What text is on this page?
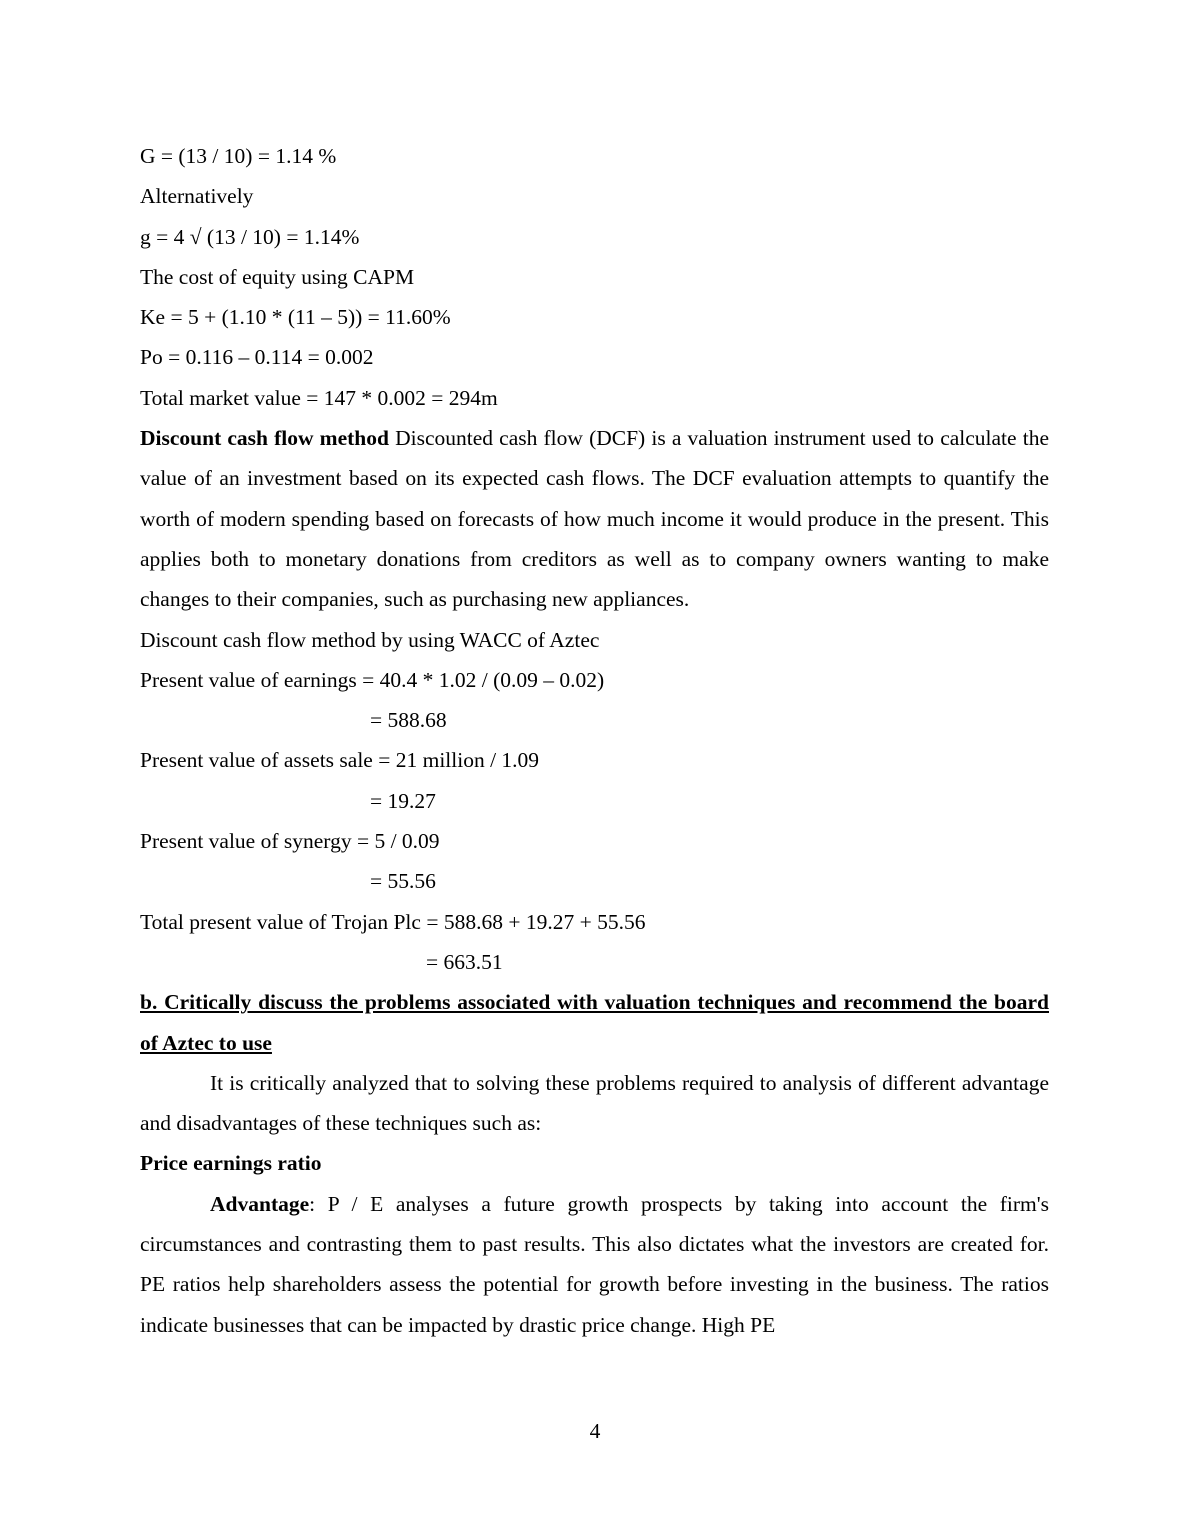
G = (13 / 10) = 1.14 %
Alternatively
g = 4 √ (13 / 10) = 1.14%
The cost of equity using CAPM
Ke = 5 + (1.10 * (11 – 5)) = 11.60%
Po = 0.116 – 0.114 = 0.002
Total market value = 147 * 0.002 = 294m

Discount cash flow method Discounted cash flow (DCF) is a valuation instrument used to calculate the value of an investment based on its expected cash flows. The DCF evaluation attempts to quantify the worth of modern spending based on forecasts of how much income it would produce in the present. This applies both to monetary donations from creditors as well as to company owners wanting to make changes to their companies, such as purchasing new appliances.

Discount cash flow method by using WACC of Aztec
Present value of earnings = 40.4 * 1.02 / (0.09 – 0.02)
= 588.68
Present value of assets sale = 21 million / 1.09
= 19.27
Present value of synergy = 5 / 0.09
= 55.56
Total present value of Trojan Plc = 588.68 + 19.27 + 55.56
= 663.51

b. Critically discuss the problems associated with valuation techniques and recommend the board of Aztec to use

It is critically analyzed that to solving these problems required to analysis of different advantage and disadvantages of these techniques such as:

Price earnings ratio

Advantage: P / E analyses a future growth prospects by taking into account the firm's circumstances and contrasting them to past results. This also dictates what the investors are created for. PE ratios help shareholders assess the potential for growth before investing in the business. The ratios indicate businesses that can be impacted by drastic price change. High PE

4
